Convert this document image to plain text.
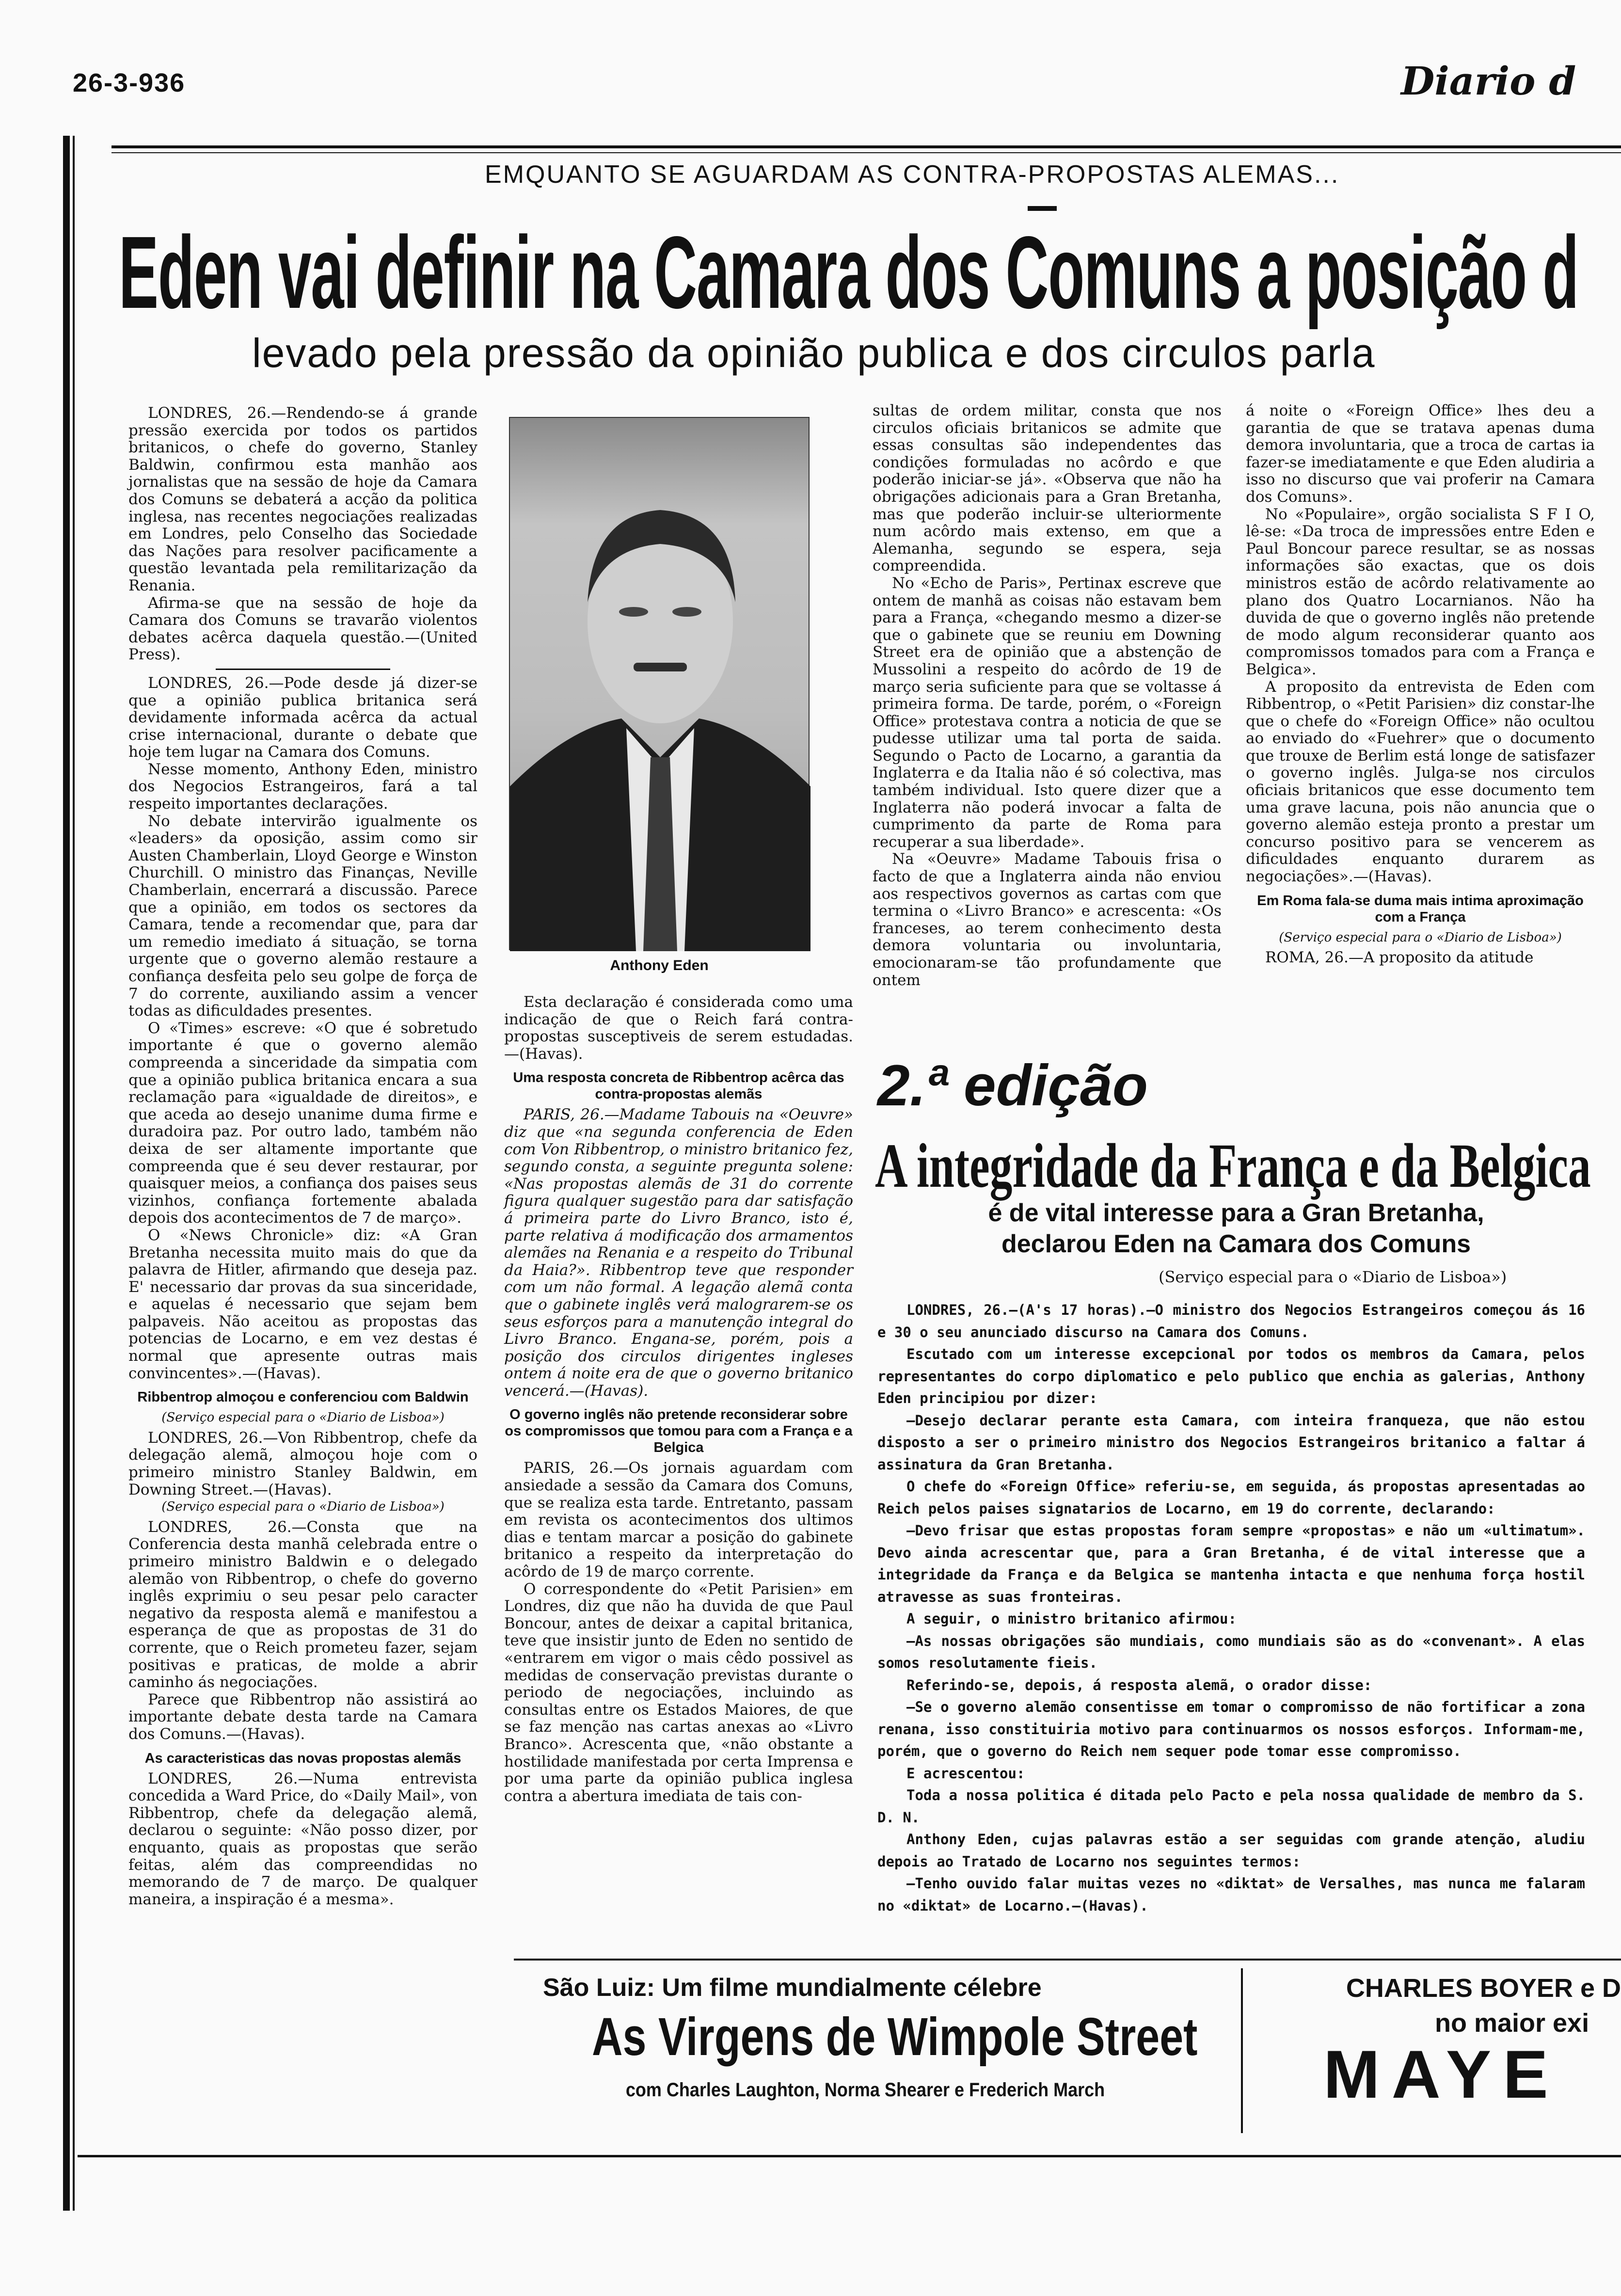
26-3-936	Diario d
EMQUANTO SE AGUARDAM AS CONTRA-PROPOSTAS ALEMAS...
Eden vai definir na Camara dos Comuns a posição d
levado pela pressão da opinião publica e dos circulos parla

LONDRES, 26.—Rendendo-se á grande pressão exercida por todos os partidos britanicos, o chefe do governo, Stanley Baldwin, confirmou esta manhão aos jornalistas que na sessão de hoje da Camara dos Comuns se debaterá a acção da politica inglesa, nas recentes negociações realizadas em Londres, pelo Conselho das Sociedade das Nações para resolver pacificamente a questão levantada pela remilitarização da Renania.

Afirma-se que na sessão de hoje da Camara dos Comuns se travarão violentos debates acêrca daquela questão.—(United Press).

LONDRES, 26.—Pode desde já dizer-se que a opinião publica britanica será devidamente informada acêrca da actual crise internacional, durante o debate que hoje tem lugar na Camara dos Comuns.

Nesse momento, Anthony Eden, ministro dos Negocios Estrangeiros, fará a tal respeito importantes declarações.

No debate intervirão igualmente os «leaders» da oposição, assim como sir Austen Chamberlain, Lloyd George e Winston Churchill. O ministro das Finanças, Neville Chamberlain, encerrará a discussão. Parece que a opinião, em todos os sectores da Camara, tende a recomendar que, para dar um remedio imediato á situação, se torna urgente que o governo alemão restaure a confiança desfeita pelo seu golpe de força de 7 do corrente, auxiliando assim a vencer todas as dificuldades presentes.

O «Times» escreve: «O que é sobretudo importante é que o governo alemão compreenda a sinceridade da simpatia com que a opinião publica britanica encara a sua reclamação para «igualdade de direitos», e que aceda ao desejo unanime duma firme e duradoira paz. Por outro lado, também não deixa de ser altamente importante que compreenda que é seu dever restaurar, por quaisquer meios, a confiança dos paises seus vizinhos, confiança fortemente abalada depois dos acontecimentos de 7 de março».

O «News Chronicle» diz: «A Gran Bretanha necessita muito mais do que da palavra de Hitler, afirmando que deseja paz. E' necessario dar provas da sua sinceridade, e aquelas é necessario que sejam bem palpaveis. Não aceitou as propostas das potencias de Locarno, e em vez destas é normal que apresente outras mais convincentes».—(Havas).

Ribbentrop almoçou e conferenciou com Baldwin

(Serviço especial para o «Diario de Lisboa»)

LONDRES, 26.—Von Ribbentrop, chefe da delegação alemã, almoçou hoje com o primeiro ministro Stanley Baldwin, em Downing Street.—(Havas).

(Serviço especial para o «Diario de Lisboa»)

LONDRES, 26.—Consta que na Conferencia desta manhã celebrada entre o primeiro ministro Baldwin e o delegado alemão von Ribbentrop, o chefe do governo inglês exprimiu o seu pesar pelo caracter negativo da resposta alemã e manifestou a esperança de que as propostas de 31 do corrente, que o Reich prometeu fazer, sejam positivas e praticas, de molde a abrir caminho ás negociações.

Parece que Ribbentrop não assistirá ao importante debate desta tarde na Camara dos Comuns.—(Havas).

As caracteristicas das novas propostas alemãs

LONDRES, 26.—Numa entrevista concedida a Ward Price, do «Daily Mail», von Ribbentrop, chefe da delegação alemã, declarou o seguinte: «Não posso dizer, por enquanto, quais as propostas que serão feitas, além das compreendidas no memorando de 7 de março. De qualquer maneira, a inspiração é a mesma».

Anthony Eden

Esta declaração é considerada como uma indicação de que o Reich fará contra-propostas susceptiveis de serem estudadas.—(Havas).

Uma resposta concreta de Ribbentrop acêrca das contra-propostas alemãs

PARIS, 26.—Madame Tabouis na «Oeuvre» diz que «na segunda conferencia de Eden com Von Ribbentrop, o ministro britanico fez, segundo consta, a seguinte pregunta solene: «Nas propostas alemãs de 31 do corrente figura qualquer sugestão para dar satisfação á primeira parte do Livro Branco, isto é, parte relativa á modificação dos armamentos alemães na Renania e a respeito do Tribunal da Haia?». Ribbentrop teve que responder com um não formal. A legação alemã conta que o gabinete inglês verá malograrem-se os seus esforços para a manutenção integral do Livro Branco. Engana-se, porém, pois a posição dos circulos dirigentes ingleses ontem á noite era de que o governo britanico vencerá.—(Havas).

O governo inglês não pretende reconsiderar sobre os compromissos que tomou para com a França e a Belgica

PARIS, 26.—Os jornais aguardam com ansiedade a sessão da Camara dos Comuns, que se realiza esta tarde. Entretanto, passam em revista os acontecimentos dos ultimos dias e tentam marcar a posição do gabinete britanico a respeito da interpretação do acôrdo de 19 de março corrente.

O correspondente do «Petit Parisien» em Londres, diz que não ha duvida de que Paul Boncour, antes de deixar a capital britanica, teve que insistir junto de Eden no sentido de «entrarem em vigor o mais cêdo possivel as medidas de conservação previstas durante o periodo de negociações, incluindo as consultas entre os Estados Maiores, de que se faz menção nas cartas anexas ao «Livro Branco». Acrescenta que, «não obstante a hostilidade manifestada por certa Imprensa e por uma parte da opinião publica inglesa contra a abertura imediata de tais con-

sultas de ordem militar, consta que nos circulos oficiais britanicos se admite que essas consultas são independentes das condições formuladas no acôrdo e que poderão iniciar-se já». «Observa que não ha obrigações adicionais para a Gran Bretanha, mas que poderão incluir-se ulteriormente num acôrdo mais extenso, em que a Alemanha, segundo se espera, seja compreendida.

No «Echo de Paris», Pertinax escreve que ontem de manhã as coisas não estavam bem para a França, «chegando mesmo a dizer-se que o gabinete que se reuniu em Downing Street era de opinião que a abstenção de Mussolini a respeito do acôrdo de 19 de março seria suficiente para que se voltasse á primeira forma. De tarde, porém, o «Foreign Office» protestava contra a noticia de que se pudesse utilizar uma tal porta de saida. Segundo o Pacto de Locarno, a garantia da Inglaterra e da Italia não é só colectiva, mas também individual. Isto quere dizer que a Inglaterra não poderá invocar a falta de cumprimento da parte de Roma para recuperar a sua liberdade».

Na «Oeuvre» Madame Tabouis frisa o facto de que a Inglaterra ainda não enviou aos respectivos governos as cartas com que termina o «Livro Branco» e acrescenta: «Os franceses, ao terem conhecimento desta demora voluntaria ou involuntaria, emocionaram-se tão profundamente que ontem

á noite o «Foreign Office» lhes deu a garantia de que se tratava apenas duma demora involuntaria, que a troca de cartas ia fazer-se imediatamente e que Eden aludiria a isso no discurso que vai proferir na Camara dos Comuns».

No «Populaire», orgão socialista S F I O, lê-se: «Da troca de impressões entre Eden e Paul Boncour parece resultar, se as nossas informações são exactas, que os dois ministros estão de acôrdo relativamente ao plano dos Quatro Locarnianos. Não ha duvida de que o governo inglês não pretende de modo algum reconsiderar quanto aos compromissos tomados para com a França e Belgica».

A proposito da entrevista de Eden com Ribbentrop, o «Petit Parisien» diz constar-lhe que o chefe do «Foreign Office» não ocultou ao enviado do «Fuehrer» que o documento que trouxe de Berlim está longe de satisfazer o governo inglês. Julga-se nos circulos oficiais britanicos que esse documento tem uma grave lacuna, pois não anuncia que o governo alemão esteja pronto a prestar um concurso positivo para se vencerem as dificuldades enquanto durarem as negociações».—(Havas).

Em Roma fala-se duma mais intima aproximação com a França

(Serviço especial para o «Diario de Lisboa»)

ROMA, 26.—A proposito da atitude

2.ª edição
A integridade da França e da Belgica
é de vital interesse para a Gran Bretanha,
declarou Eden na Camara dos Comuns
(Serviço especial para o «Diario de Lisboa»)

LONDRES, 26.—(A's 17 horas).—O ministro dos Negocios Estrangeiros começou ás 16 e 30 o seu anunciado discurso na Camara dos Comuns.

Escutado com um interesse excepcional por todos os membros da Camara, pelos representantes do corpo diplomatico e pelo publico que enchia as galerias, Anthony Eden principiou por dizer:

—Desejo declarar perante esta Camara, com inteira franqueza, que não estou disposto a ser o primeiro ministro dos Negocios Estrangeiros britanico a faltar á assinatura da Gran Bretanha.

O chefe do «Foreign Office» referiu-se, em seguida, ás propostas apresentadas ao Reich pelos paises signatarios de Locarno, em 19 do corrente, declarando:

—Devo frisar que estas propostas foram sempre «propostas» e não um «ultimatum». Devo ainda acrescentar que, para a Gran Bretanha, é de vital interesse que a integridade da França e da Belgica se mantenha intacta e que nenhuma força hostil atravesse as suas fronteiras.

A seguir, o ministro britanico afirmou:

—As nossas obrigações são mundiais, como mundiais são as do «convenant». A elas somos resolutamente fieis.

Referindo-se, depois, á resposta alemã, o orador disse:

—Se o governo alemão consentisse em tomar o compromisso de não fortificar a zona renana, isso constituiria motivo para continuarmos os nossos esforços. Informam-me, porém, que o governo do Reich nem sequer pode tomar esse compromisso.

E acrescentou:

Toda a nossa politica é ditada pelo Pacto e pela nossa qualidade de membro da S. D. N.

Anthony Eden, cujas palavras estão a ser seguidas com grande atenção, aludiu depois ao Tratado de Locarno nos seguintes termos:

—Tenho ouvido falar muitas vezes no «diktat» de Versalhes, mas nunca me falaram no «diktat» de Locarno.—(Havas).

São Luiz: Um filme mundialmente célebre
As Virgens de Wimpole Street
com Charles Laughton, Norma Shearer e Frederich March
CHARLES BOYER e D
no maior exi
MAYE
